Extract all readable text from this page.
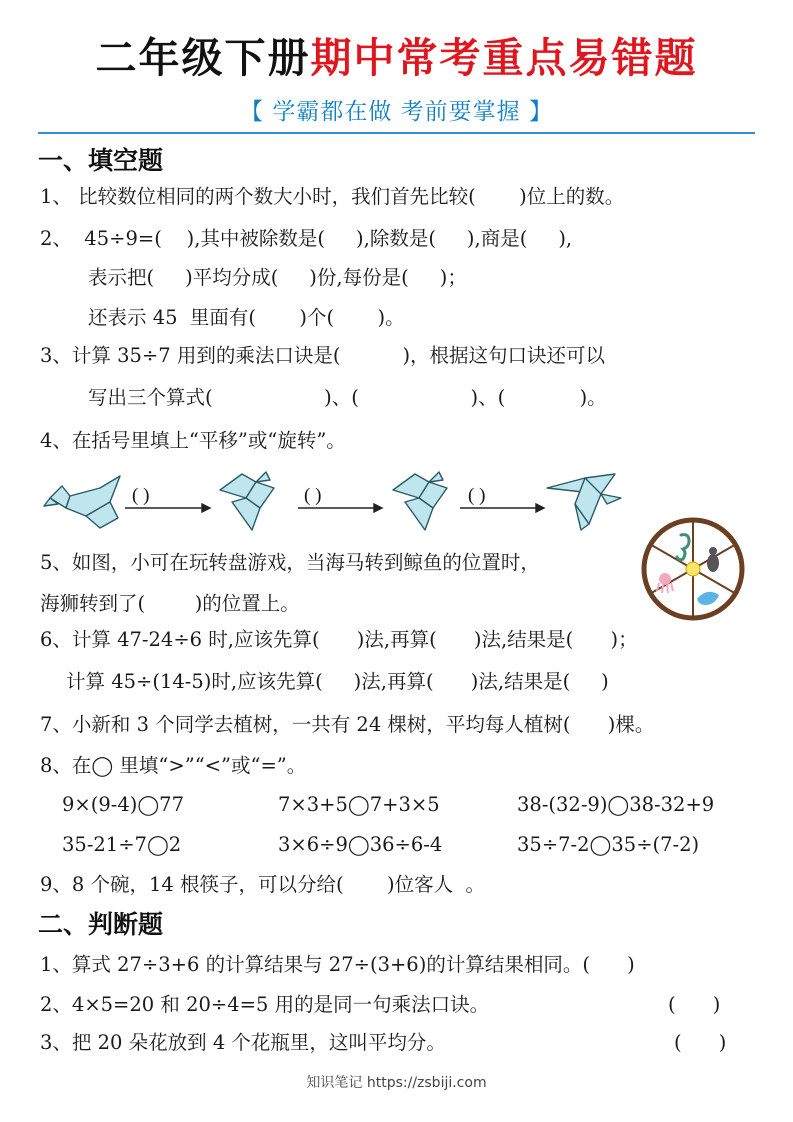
二年级下册期中常考重点易错题
【 学霸都在做 考前要掌握 】
一、填空题
1、 比较数位相同的两个数大小时，我们首先比较(       )位上的数。
2、  45÷9=(    ),其中被除数是(     ),除数是(     ),商是(     ),
表示把(     )平均分成(     )份,每份是(     )；
还表示 45  里面有(       )个(       )。
3、计算 35÷7 用到的乘法口诀是(          )，根据这句口诀还可以
写出三个算式(                  )、(                  )、(            )。
4、在括号里填上“平移”或“旋转”。
( )	( )	( )
5、如图，小可在玩转盘游戏，当海马转到鲸鱼的位置时，
海狮转到了(        )的位置上。
6、计算 47-24÷6 时,应该先算(      )法,再算(      )法,结果是(      )；
计算 45÷(14-5)时,应该先算(     )法,再算(      )法,结果是(     )
7、小新和 3 个同学去植树，一共有 24 棵树，平均每人植树(      )棵。
8、在◯ 里填“>”“<”或“=”。
9×(9-4)◯77	7×3+5◯7+3×5	38-(32-9)◯38-32+9
35-21÷7◯2	3×6÷9◯36÷6-4	35÷7-2◯35÷(7-2)
9、8 个碗，14 根筷子，可以分给(       )位客人  。
二、判断题
1、算式 27÷3+6 的计算结果与 27÷(3+6)的计算结果相同。(      )
2、4×5=20 和 20÷4=5 用的是同一句乘法口诀。	(      )
3、把 20 朵花放到 4 个花瓶里，这叫平均分。	(      )
知识笔记 https://zsbiji.com
